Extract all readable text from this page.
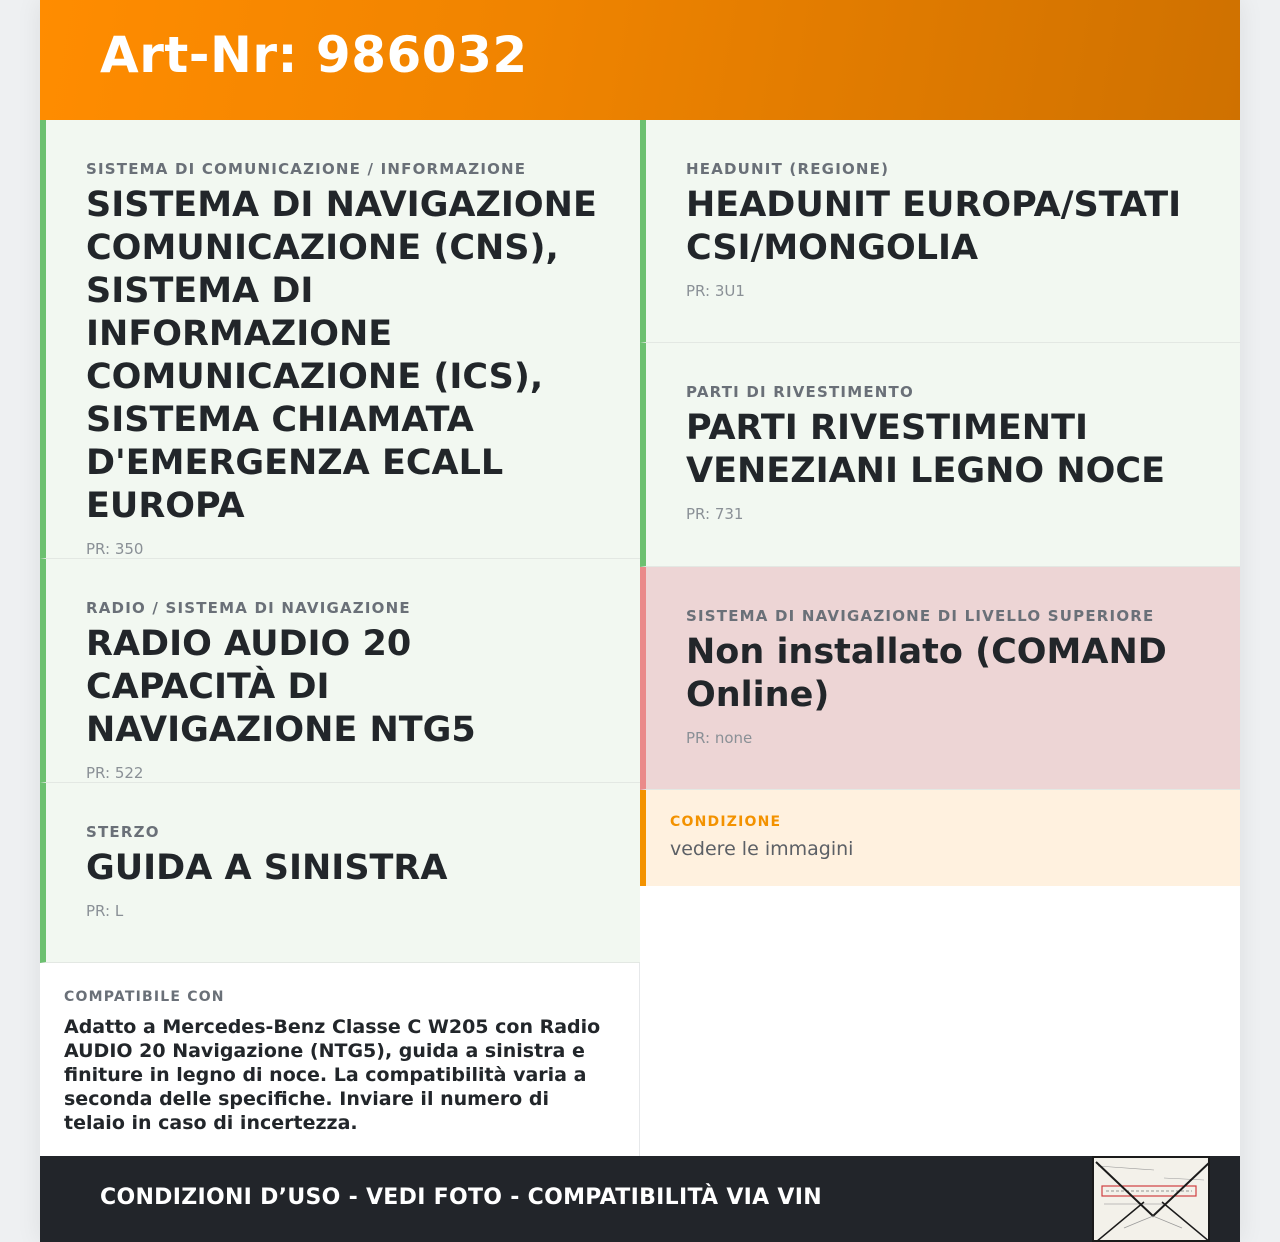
Art-Nr: 986032
SISTEMA DI COMUNICAZIONE / INFORMAZIONE
SISTEMA DI NAVIGAZIONE COMUNICAZIONE (CNS), SISTEMA DI INFORMAZIONE COMUNICAZIONE (ICS), SISTEMA CHIAMATA D'EMERGENZA ECALL EUROPA
PR: 350
RADIO / SISTEMA DI NAVIGAZIONE
RADIO AUDIO 20 CAPACITÀ DI NAVIGAZIONE NTG5
PR: 522
STERZO
GUIDA A SINISTRA
PR: L
COMPATIBILE CON
Adatto a Mercedes-Benz Classe C W205 con Radio AUDIO 20 Navigazione (NTG5), guida a sinistra e finiture in legno di noce. La compatibilità varia a seconda delle specifiche. Inviare il numero di telaio in caso di incertezza.
HEADUNIT (REGIONE)
HEADUNIT EUROPA/STATI CSI/MONGOLIA
PR: 3U1
PARTI DI RIVESTIMENTO
PARTI RIVESTIMENTI VENEZIANI LEGNO NOCE
PR: 731
SISTEMA DI NAVIGAZIONE DI LIVELLO SUPERIORE
Non installato (COMAND Online)
PR: none
CONDIZIONE
vedere le immagini
CONDIZIONI D’USO - VEDI FOTO - COMPATIBILITÀ VIA VIN
